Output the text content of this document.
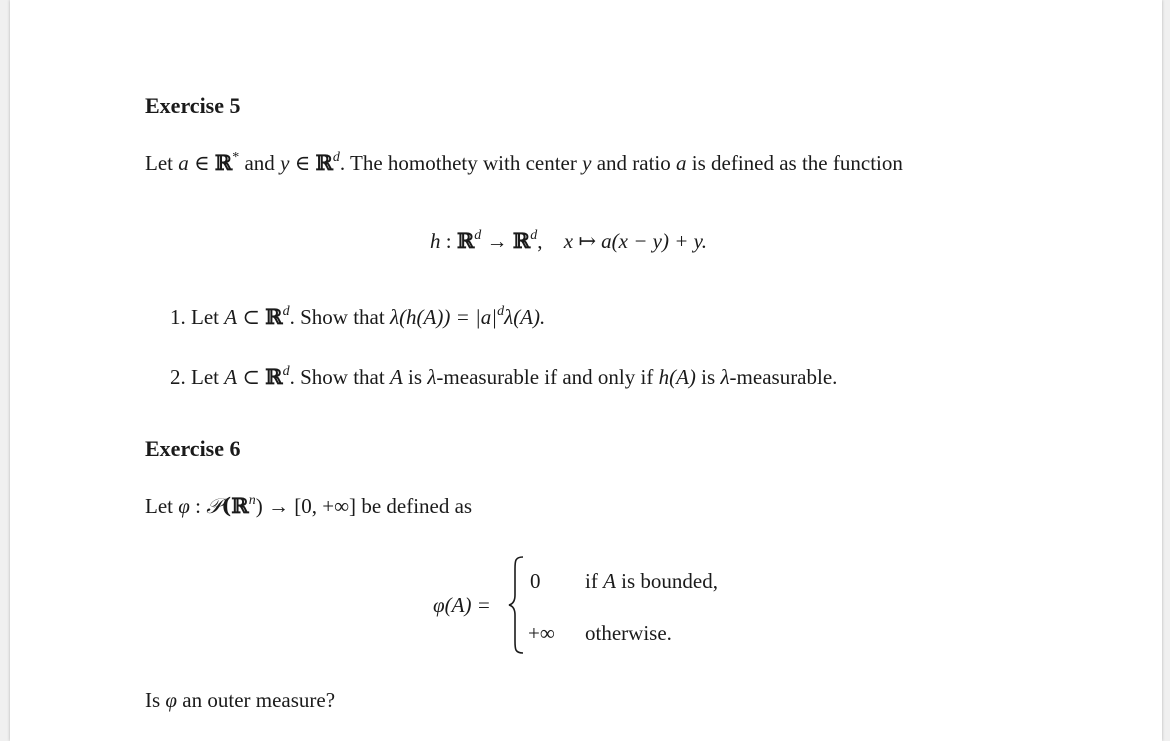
Exercise 5
Let a ∈ ℝ* and y ∈ ℝ$^d$. The homothety with center y and ratio a is defined as the function
h : ℝ$^d$ → ℝ$^d$, x ↦ a(x − y) + y.
1. Let A ⊂ ℝ$^d$. Show that $\lambda(h(A)) = |a|^d\lambda(A)$.
2. Let A ⊂ ℝ$^d$. Show that A is λ-measurable if and only if h(A) is λ-measurable.
Exercise 6
Let φ : 𝒫(ℝ$^n$) → [0, +∞] be defined as
φ(A) =
0 if A is bounded,
+∞ otherwise.
Is φ an outer measure?
